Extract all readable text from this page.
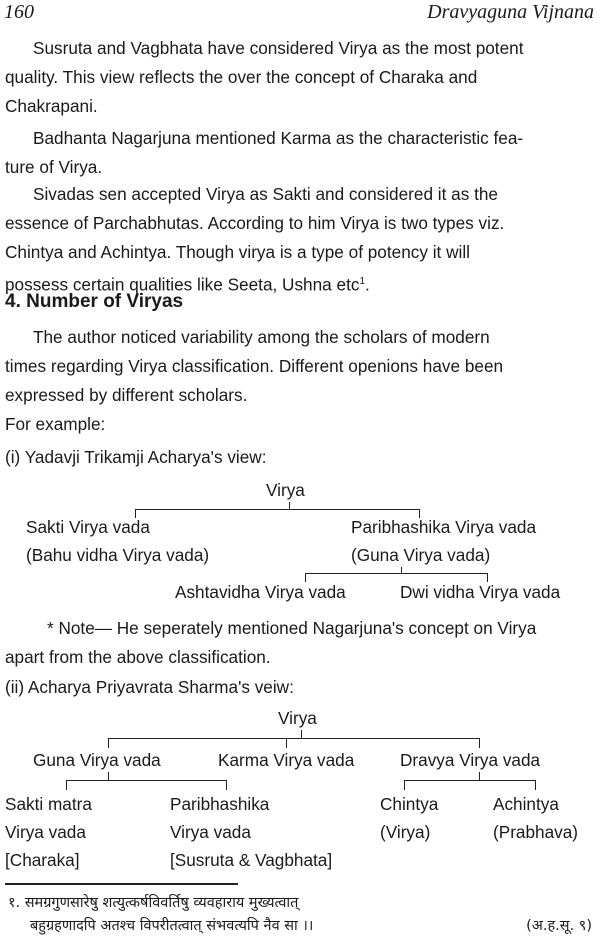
160	Dravyaguna Vijnana
Susruta and Vagbhata have considered Virya as the most potent
quality. This view reflects the over the concept of Charaka and
Chakrapani.
Badhanta Nagarjuna mentioned Karma as the characteristic fea-
ture of Virya.
Sivadas sen accepted Virya as Sakti and considered it as the
essence of Parchabhutas. According to him Virya is two types viz.
Chintya and Achintya. Though virya is a type of potency it will
possess certain qualities like Seeta, Ushna etc$^1$.
4. Number of Viryas
The author noticed variability among the scholars of modern
times regarding Virya classification. Different openions have been
expressed by different scholars.
For example:
(i) Yadavji Trikamji Acharya's view:
Virya
Sakti Virya vada
(Bahu vidha Virya vada)
Paribhashika Virya vada
(Guna Virya vada)
Ashtavidha Virya vada	Dwi vidha Virya vada
* Note— He seperately mentioned Nagarjuna's concept on Virya
apart from the above classification.
(ii) Acharya Priyavrata Sharma's veiw:
Virya
Guna Virya vada	Karma Virya vada	Dravya Virya vada
Sakti matra
Virya vada
[Charaka]
Paribhashika
Virya vada
[Susruta & Vagbhata]
Chintya
(Virya)
Achintya
(Prabhava)
१. समग्रगुणसारेषु शत्युत्कर्षविवर्तिषु व्यवहाराय मुख्यत्वात्
बहुग्रहणादपि अतश्च विपरीतत्वात् संभवत्यपि नैव सा ।।	(अ.ह.सू. ९)
